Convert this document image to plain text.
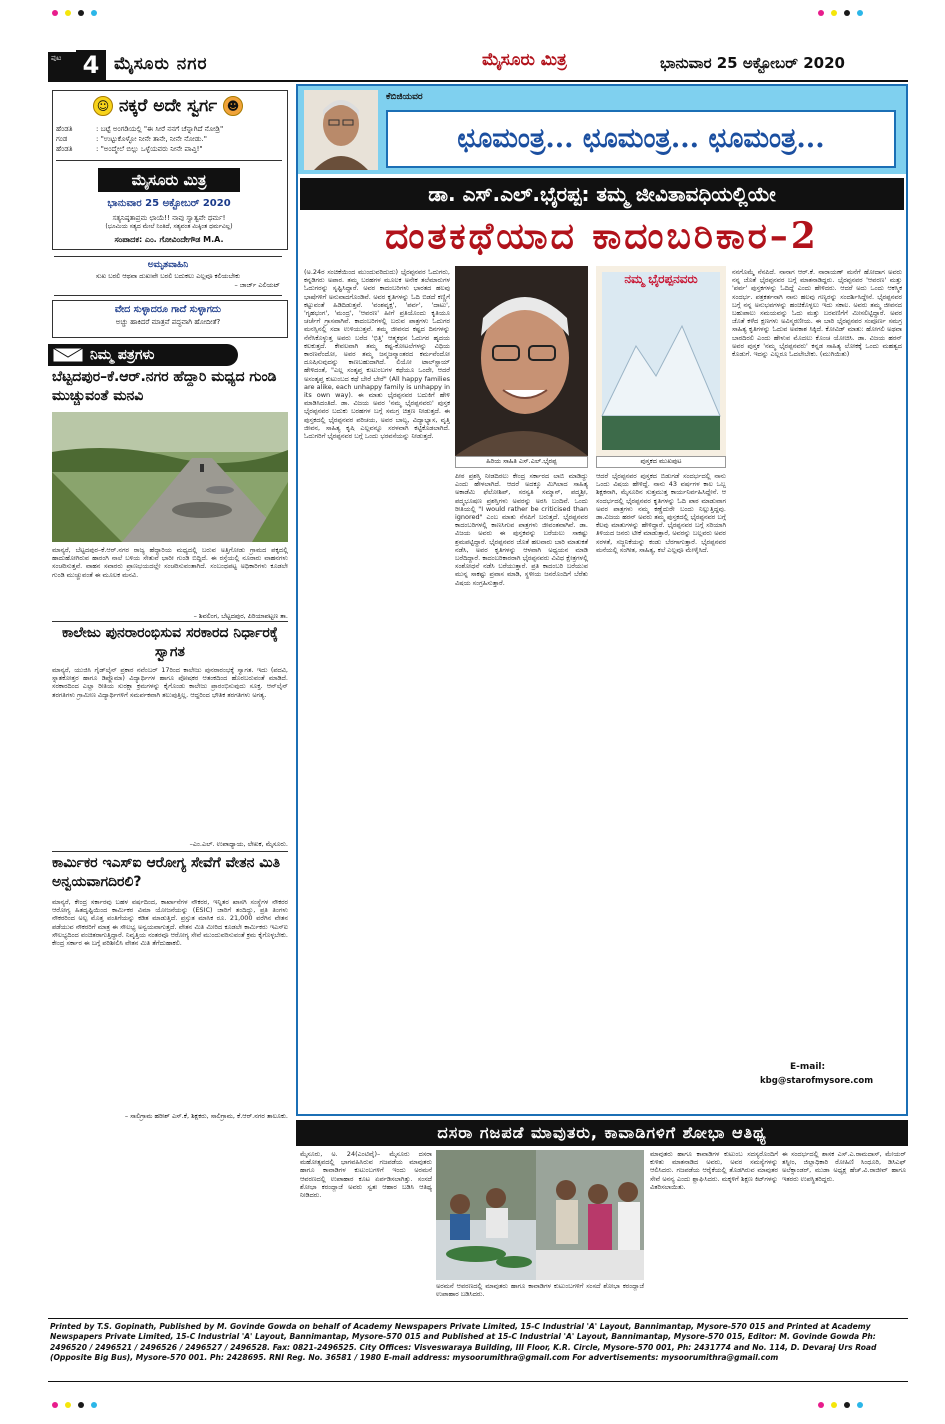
ಪುಟ 4 ಮೈಸೂರು ನಗರ	ಮೈಸೂರು ಮಿತ್ರ	ಭಾನುವಾರ 25 ಅಕ್ಟೋಬರ್ 2020
☺ ನಕ್ಕರೆ ಅದೇ ಸ್ವರ್ಗ ☻
ಹೆಂಡತಿ	: ಬಟ್ಟೆ ಅಂಗಡಿಯಲ್ಲಿ "ಈ ಸೀರೆ ನನಗೆ ಚೆನ್ನಾಗಿದೆ ನೋಡ್ರಿ"
ಗಂಡ	: "ಉಟ್ಟುಕೊಳ್ಳೋ ನೀನೇ ತಾನೇ, ನೀನೇ ನೋಡು."
ಹೆಂಡತಿ	: "ಅಂದ್ಮೇಲೆ ಬಿಲ್ಲು ಒಳ್ಳೆಯವರು ನೀನೇ ಪಾವ್ತಿ!"
ಮೈಸೂರು ಮಿತ್ರ
ಭಾನುವಾರ 25 ಅಕ್ಟೋಬರ್ 2020
ಸತ್ಯನಿಷ್ಠತಾಪ್ರಮ ಛಾಯೆ!! ನಾವು ಸ್ವಾತ್ವವೇ ಧರ್ಮ!
(ಭೂಮಿಯ ಸತ್ಯದ ಮೇಲೆ ನಿಂತಿದೆ, ಸತ್ಯವಂತ ಮಿಕ್ಕಿಂತ ಧರ್ಮವಿಲ್ಲ)
ಸಂಪಾದಕ: ಎಂ. ಗೋವಿಂದೇಗೌಡ M.A.
ಅಮೃತವಾಹಿನಿ
ಸುಖ ಬರಲಿ ಆಥವಾ ದುಖಃವೇ ಬರಲಿ ಬದುಕಲು ಎಲ್ಲವೂ ಕಲಿಯಬೇಕು
– ಜಾರ್ಜ್ ಎಲಿಯಟ್
ವೇದ ಸುಳ್ಳಾದರೂ ಗಾದೆ ಸುಳ್ಳಾಗದು
ಅಚ್ಚು ಹಾಕಿದರೆ ಮಾತ್ರವೆ ಪದ್ಧವಾಗಿ ಹೋದೀತೆ?
ನಿಮ್ಮ ಪತ್ರಗಳು
ಬೆಟ್ಟದಪುರ–ಕೆ.ಆರ್.ನಗರ ಹೆದ್ದಾರಿ ಮಧ್ಯದ ಗುಂಡಿ ಮುಚ್ಚುವಂತೆ ಮನವಿ
ಮಾನ್ಯರೆ, ಬೆಟ್ಟದಪುರ–ಕೆ.ಆರ್.ನಗರ ರಾಜ್ಯ ಹೆದ್ದಾರಿಯ ಮಧ್ಯದಲ್ಲಿ ಬರುವ ಅತ್ತಿಗೋಡು ಗ್ರಾಮದ ಪಕ್ಕದಲ್ಲಿ ಹಾದುಹೋಗಿರುವ ಹಾರಂಗಿ ನಾಲೆ ಬಳಿಯ ಸೇತುವೆ ಭಾರೀ ಗುಂಡಿ ಬಿದ್ದಿದೆ. ಈ ರಸ್ತೆಯಲ್ಲಿ ನೂರಾರು ವಾಹನಗಳು ಸಂಚರಿಸುತ್ತವೆ. ವಾಹನ ಸವಾರರು ಪ್ರಾಣಭಯದಲ್ಲೇ ಸಂಚರಿಸುವಂತಾಗಿದೆ. ಸಂಬಂಧಪಟ್ಟ ಅಧಿಕಾರಿಗಳು ಕೂಡಲೇ ಗುಂಡಿ ಮುಚ್ಚುವಂತೆ ಈ ಮೂಲಕ ಮನವಿ.
– ಶಿವಲಿಂಗ, ಬೆಟ್ಟದಪುರ, ಪಿರಿಯಾಪಟ್ಟಣ ತಾ.
ಕಾಲೇಜು ಪುನರಾರಂಭಿಸುವ ಸರಕಾರದ ನಿರ್ಧಾರಕ್ಕೆ ಸ್ವಾಗತ
ಮಾನ್ಯರೆ, ಯುಜಿಸಿ ಗೈಡ್‌ಲೈನ್ ಪ್ರಕಾರ ನವೆಂಬರ್ 17ರಿಂದ ಕಾಲೇಜು ಪುನರಾರಂಭಕ್ಕೆ ಸ್ವಾಗತ. ಇದು (ಪದವಿ, ಸ್ನಾತಕೋತ್ತರ ಹಾಗೂ ಡಿಪ್ಲೊಮಾ) ವಿದ್ಯಾರ್ಥಿಗಳ ಹಾಗೂ ಪೋಷಕರ ಆತಂಕದಿಂದ ಹೊರಬರುವಂತೆ ಮಾಡಿದೆ. ಸರಕಾರದಿಂದ ಎಲ್ಲಾ ರೀತಿಯ ಸುರಕ್ಷಾ ಕ್ರಮಗಳನ್ನು ಕೈಗೊಂಡು ಕಾಲೇಜು ಪ್ರಾರಂಭಿಸುವುದು ಸೂಕ್ತ. ಆನ್‌ಲೈನ್ ತರಗತಿಗಳು ಗ್ರಾಮೀಣ ವಿದ್ಯಾರ್ಥಿಗಳಿಗೆ ಸಮರ್ಪಕವಾಗಿ ತಲುಪುತ್ತಿಲ್ಲ. ಆದ್ದರಿಂದ ಭೌತಿಕ ತರಗತಿಗಳು ಅಗತ್ಯ.
–ಎಂ.ಎಲ್. ಉಪಾಧ್ಯಾಯ, ಲೇಖಕ, ಮೈಸೂರು.
ಕಾರ್ಮಿಕರ ಇಎಸ್ಐ ಆರೋಗ್ಯ ಸೇವೆಗೆ ವೇತನ ಮಿತಿ ಅನ್ವಯವಾಗದಿರಲಿ?
ಮಾನ್ಯರೆ, ಕೇಂದ್ರ ಸರ್ಕಾರವು ಬಹಳ ವರ್ಷದಿಂದ, ಕಾರ್ಖಾನೆಗಳ ನೌಕರರ, ಇನ್ನಿತರ ಖಾಸಗಿ ಸಂಸ್ಥೆಗಳ ನೌಕರರ ಆರೋಗ್ಯ ಹಿತದೃಷ್ಟಿಯಿಂದ ಕಾರ್ಮಿಕರ ವಿಮಾ ಯೋಜನೆಯನ್ನು (ESIC) ಜಾರಿಗೆ ತಂದಿದ್ದು, ಪ್ರತಿ ತಿಂಗಳು ನೌಕರರಿಂದ ಅಲ್ಪ ಮೊತ್ತ ವಂತಿಗೆಯನ್ನು ಕಡಿತ ಮಾಡುತ್ತಿದೆ. ಪ್ರಸ್ತುತ ಮಾಸಿಕ ರೂ. 21,000 ವರೆಗಿನ ವೇತನ ಪಡೆಯುವ ನೌಕರರಿಗೆ ಮಾತ್ರ ಈ ಸೌಲಭ್ಯ ಅನ್ವಯವಾಗುತ್ತದೆ. ವೇತನ ಮಿತಿ ಮೀರಿದ ಕೂಡಲೇ ಕಾರ್ಮಿಕರು ಇಎಸ್ಐ ಸೌಲಭ್ಯದಿಂದ ವಂಚಿತರಾಗುತ್ತಿದ್ದಾರೆ. ನಿವೃತ್ತಿಯ ನಂತರವೂ ಆರೋಗ್ಯ ಸೇವೆ ಮುಂದುವರಿಸುವಂತೆ ಕ್ರಮ ಕೈಗೊಳ್ಳಬೇಕು. ಕೇಂದ್ರ ಸರ್ಕಾರ ಈ ಬಗ್ಗೆ ಪರಿಶೀಲಿಸಿ ವೇತನ ಮಿತಿ ತೆಗೆದುಹಾಕಲಿ.
– ಸಾಲಿಗ್ರಾಮ ಹರೀಶ್ ಎಸ್.ಕೆ, ಶಿಕ್ಷಕರು, ಸಾಲಿಗ್ರಾಮ, ಕೆ.ಆರ್.ನಗರ ತಾಲೂಕು.
ಕೆಬಿಜಿಯವರ
ಛೂಮಂತ್ರ... ಛೂಮಂತ್ರ... ಛೂಮಂತ್ರ...
ಡಾ. ಎಸ್.ಎಲ್.ಭೈರಪ್ಪ: ತಮ್ಮ ಜೀವಿತಾವಧಿಯಲ್ಲಿಯೇ
ದಂತಕಥೆಯಾದ ಕಾದಂಬರಿಕಾರ–2
ಹಿರಿಯ ಸಾಹಿತಿ ಎಸ್.ಎಲ್.ಭೈರಪ್ಪ
ನಮ್ಮ ಭೈರಪ್ಪನವರು
ಪುಸ್ತಕದ ಮುಖಪುಟ
(ಅ.24ರ ಸಂಚಿಕೆಯಿಂದ ಮುಂದುವರಿದುದು) ಭೈರಪ್ಪನವರ ಓದುಗರು, ಕನ್ನಡಿಗರು ಅಪಾರ. ತಮ್ಮ ಬರಹಗಳ ಮೂಲಕ ಅನೇಕ ತಲೆಮಾರುಗಳ ಓದುಗರನ್ನು ಸೃಷ್ಟಿಸಿದ್ದಾರೆ. ಅವರ ಕಾದಂಬರಿಗಳು ಭಾರತದ ಹಲವು ಭಾಷೆಗಳಿಗೆ ಅನುವಾದಗೊಂಡಿವೆ. ಅವರ ಕೃತಿಗಳನ್ನು ಓದಿ ಬಿಡದೆ ಕಣ್ಣಿಗೆ ಕಟ್ಟುವಂತೆ ಹಿಡಿದಿಡುತ್ತವೆ. 'ವಂಶವೃಕ್ಷ', 'ಪರ್ವ', 'ದಾಟು', 'ಗೃಹಭಂಗ', 'ಮಂದ್ರ', 'ಆವರಣ' ಹೀಗೆ ಪ್ರತಿಯೊಂದು ಕೃತಿಯೂ ಚರ್ಚೆಗೆ ಗ್ರಾಸವಾಗಿವೆ. ಕಾದಂಬರಿಗಳಲ್ಲಿ ಬರುವ ಪಾತ್ರಗಳು ಓದುಗರ ಮನಸ್ಸಿನಲ್ಲಿ ಸದಾ ಉಳಿಯುತ್ತವೆ. ತಮ್ಮ ಜೀವನದ ಕಷ್ಟದ ದಿನಗಳನ್ನು ನೆನೆಸಿಕೊಳ್ಳುತ್ತ ಅವರು ಬರೆದ 'ಭಿತ್ತಿ' ಆತ್ಮಕಥನ ಓದುಗರ ಹೃದಯ ಕಲಕುತ್ತದೆ. ಕೇವಲವಾಗಿ ತಮ್ಮ ಕಷ್ಟ-ಕೋಟಲೆಗಳನ್ನು ವಿಧಿಯ ಕಾರಣವೆಂದೋ, ಅವರ ತಮ್ಮ ಜನ್ಮಜನ್ಮಾಂತರದ ಕರ್ಮವೆಂದೋ ದೂಷಿಸುವುದನ್ನು ಕಾಣಬಹುದಾಗಿದೆ. ಲಿಯೋ ಟಾಲ್‌ಸ್ಟಾಯ್ ಹೇಳಿದಂತೆ, "ಎಲ್ಲ ಸಂತೃಪ್ತ ಕುಟುಂಬಗಳ ಕಥೆಯೂ ಒಂದೇ, ಆದರೆ ಅಸಂತೃಪ್ತ ಕುಟುಂಬದ ಕಥೆ ಬೇರೆ ಬೇರೆ" (All happy families are alike, each unhappy family is unhappy in its own way). ಈ ಮಾತು ಭೈರಪ್ಪನವರ ಬದುಕಿಗೆ ಹೇಳಿ ಮಾಡಿಸಿದಂತಿದೆ. ಡಾ. ವಿಜಯ ಅವರ 'ನಮ್ಮ ಭೈರಪ್ಪನವರು' ಪುಸ್ತಕ ಭೈರಪ್ಪನವರ ಬದುಕು ಬರಹಗಳ ಬಗ್ಗೆ ಸಮಗ್ರ ಚಿತ್ರಣ ನೀಡುತ್ತದೆ. ಈ ಪುಸ್ತಕದಲ್ಲಿ ಭೈರಪ್ಪನವರ ಪರಿಚಯ, ಅವರ ಬಾಲ್ಯ, ವಿದ್ಯಾಭ್ಯಾಸ, ವೃತ್ತಿ ಜೀವನ, ಸಾಹಿತ್ಯ ಕೃಷಿ ಎಲ್ಲವನ್ನೂ ಸರಳವಾಗಿ ಕಟ್ಟಿಕೊಡಲಾಗಿದೆ. ಓದುಗರಿಗೆ ಭೈರಪ್ಪನವರ ಬಗ್ಗೆ ಒಂದು ಭರವಸೆಯನ್ನು ನೀಡುತ್ತದೆ.
ಪೀಠ ಪ್ರಶಸ್ತಿ ನೀಡದಿರಲು ಕೇಂದ್ರ ಸರ್ಕಾರದ ಲಾಬಿ ಮಾಡಿದ್ದು ಎಂದು ಹೇಳಲಾಗಿದೆ. ಆದರೆ ಅದಕ್ಕೂ ಮಿಗಿಲಾದ ಸಾಹಿತ್ಯ ಅಕಾಡೆಮಿ ಫೆಲೋಶಿಪ್, ಸರಸ್ವತಿ ಸಮ್ಮಾನ್, ಪದ್ಮಶ್ರೀ, ಪದ್ಮಭೂಷಣ ಪ್ರಶಸ್ತಿಗಳು ಅವರನ್ನು ಅರಸಿ ಬಂದಿವೆ. ಒಂದು ರೀತಿಯಲ್ಲಿ "I would rather be criticised than ignored" ಎಂಬ ಮಾತು ನೆನಪಿಗೆ ಬರುತ್ತದೆ. ಭೈರಪ್ಪನವರ ಕಾದಂಬರಿಗಳಲ್ಲಿ ಕಾಣಸಿಗುವ ಪಾತ್ರಗಳು ಜೀವಂತವಾಗಿವೆ. ಡಾ. ವಿಜಯ ಅವರು ಈ ಪುಸ್ತಕವನ್ನು ಬರೆಯಲು ಸಾಕಷ್ಟು ಶ್ರಮಪಟ್ಟಿದ್ದಾರೆ. ಭೈರಪ್ಪನವರ ಜೊತೆ ಹಲವಾರು ಬಾರಿ ಮಾತುಕತೆ ನಡೆಸಿ, ಅವರ ಕೃತಿಗಳನ್ನು ಆಳವಾಗಿ ಅಧ್ಯಯನ ಮಾಡಿ ಬರೆದಿದ್ದಾರೆ. ಕಾದಂಬರಿಕಾರರಾಗಿ ಭೈರಪ್ಪನವರು ವಿವಿಧ ಕ್ಷೇತ್ರಗಳಲ್ಲಿ ಸಂಶೋಧನೆ ನಡೆಸಿ ಬರೆಯುತ್ತಾರೆ. ಪ್ರತಿ ಕಾದಂಬರಿ ಬರೆಯುವ ಮುನ್ನ ಸಾಕಷ್ಟು ಪ್ರವಾಸ ಮಾಡಿ, ಸ್ಥಳೀಯ ಜನರೊಂದಿಗೆ ಬೆರೆತು ವಿಷಯ ಸಂಗ್ರಹಿಸುತ್ತಾರೆ.
ಆದರೆ ಭೈರಪ್ಪನವರ ಪುಸ್ತಕದ ಬಿಡುಗಡೆ ಸಂದರ್ಭದಲ್ಲಿ ನಾನು ಒಂದು ವಿಷಯ ಹೇಳಿದ್ದೆ. ನಾನು 43 ವರ್ಷಗಳ ಕಾಲ ಒಬ್ಬ ಶಿಕ್ಷಕನಾಗಿ, ಮೈಸೂರಿನ ಸುತ್ತಮುತ್ತ ಕಾರ್ಯನಿರ್ವಹಿಸಿದ್ದೇನೆ. ಆ ಸಂದರ್ಭದಲ್ಲಿ ಭೈರಪ್ಪನವರ ಕೃತಿಗಳನ್ನು ಓದಿ ಪಾಠ ಮಾಡುವಾಗ ಅವರ ಪಾತ್ರಗಳು ನಮ್ಮ ಕಣ್ಣೆದುರೇ ಬಂದು ನಿಲ್ಲುತ್ತಿದ್ದವು. ಡಾ.ವಿಜಯ ಹರನ್ ಅವರು ತಮ್ಮ ಪುಸ್ತಕದಲ್ಲಿ ಭೈರಪ್ಪನವರ ಬಗ್ಗೆ ಕೆಲವು ಮಾತುಗಳನ್ನು ಹೇಳಿದ್ದಾರೆ. ಭೈರಪ್ಪನವರ ಬಗ್ಗೆ ಸರಿಯಾಗಿ ತಿಳಿಯದ ಜನರು ಟೀಕೆ ಮಾಡುತ್ತಾರೆ, ಅವರನ್ನು ಬಲ್ಲವರು ಅವರ ಸರಳತೆ, ಸಜ್ಜನಿಕೆಯನ್ನು ಕಂಡು ಬೆರಗಾಗುತ್ತಾರೆ. ಭೈರಪ್ಪನವರ ಮನೆಯಲ್ಲಿ ಸಂಗೀತ, ಸಾಹಿತ್ಯ, ಕಲೆ ಎಲ್ಲವೂ ಮೇಳೈಸಿದೆ.
ನನಗೊಮ್ಮೆ ನೆನಪಿದೆ. ನಾನಾಗ ಆರ್.ಕೆ. ನಾರಾಯಣ್ ಮನೆಗೆ ಹೋದಾಗ ಅವರು ನನ್ನ ಜೊತೆ ಭೈರಪ್ಪನವರ ಬಗ್ಗೆ ಮಾತನಾಡಿದ್ದರು. ಭೈರಪ್ಪನವರ 'ಆವರಣ' ಮತ್ತು 'ಪರ್ವ' ಪುಸ್ತಕಗಳನ್ನು ಓದಿದ್ದೆ ಎಂದು ಹೇಳಿದರು. ಆದರೆ ಅದು ಒಂದು ಆಕಸ್ಮಿಕ ಸಂದರ್ಭ. ಪತ್ರಕರ್ತನಾಗಿ ನಾನು ಹಲವು ಗಣ್ಯರನ್ನು ಸಂದರ್ಶಿಸಿದ್ದೇನೆ. ಭೈರಪ್ಪನವರ ಬಗ್ಗೆ ನನ್ನ ಅನುಭವಗಳನ್ನು ಹಂಚಿಕೊಳ್ಳಲು ಇದು ಸಕಾಲ. ಅವರು ತಮ್ಮ ಜೀವನದ ಬಹುಪಾಲು ಸಮಯವನ್ನು ಓದು ಮತ್ತು ಬರವಣಿಗೆಗೆ ಮೀಸಲಿಟ್ಟಿದ್ದಾರೆ. ಅವರ ಜೊತೆ ಕಳೆದ ಕ್ಷಣಗಳು ಅವಿಸ್ಮರಣೀಯ. ಈ ಬಾರಿ ಭೈರಪ್ಪನವರ ಸಂಪೂರ್ಣ ಸಮಗ್ರ ಸಾಹಿತ್ಯ ಕೃತಿಗಳನ್ನು ಓದುವ ಅವಕಾಶ ಸಿಕ್ಕಿದೆ. ಕೋವಿಡ್ ಮಾತು: ಹೋಗಲಿ ಅಥವಾ ಬಾರದಿರಲಿ ಎಂದು ಹೇಳುವ ಮೊದಲು ಕೊಂಚ ಯೋಚಿಸಿ. ಡಾ. ವಿಜಯ ಹರನ್ ಅವರ ಪುಸ್ತಕ 'ನಮ್ಮ ಭೈರಪ್ಪನವರು' ಕನ್ನಡ ಸಾಹಿತ್ಯ ಲೋಕಕ್ಕೆ ಒಂದು ಮಹತ್ವದ ಕೊಡುಗೆ. ಇದನ್ನು ಎಲ್ಲರೂ ಓದಲೇಬೇಕು. (ಮುಗಿಯಿತು)
E-mail:
kbg@starofmysore.com
ದಸರಾ ಗಜಪಡೆ ಮಾವುತರು, ಕಾವಾಡಿಗಳಿಗೆ ಶೋಭಾ ಆತಿಥ್ಯ
ಮೈಸೂರು, ಅ. 24(ಎಂಟಿವೈ)– ಮೈಸೂರು ದಸರಾ ಮಹೋತ್ಸವದಲ್ಲಿ ಭಾಗವಹಿಸಿರುವ ಗಜಪಡೆಯ ಮಾವುತರು ಹಾಗೂ ಕಾವಾಡಿಗಳ ಕುಟುಂಬಗಳಿಗೆ ಇಂದು ಅರಮನೆ ಆವರಣದಲ್ಲಿ ಉಪಾಹಾರ ಕೂಟ ಏರ್ಪಡಿಸಲಾಗಿತ್ತು. ಸಂಸದೆ ಶೋಭಾ ಕರಂದ್ಲಾಜೆ ಅವರು ಸ್ವತಃ ಆಹಾರ ಬಡಿಸಿ ಆತಿಥ್ಯ ನೀಡಿದರು.
ಅರಮನೆ ಆವರಣದಲ್ಲಿ ಮಾವುತರು ಹಾಗೂ ಕಾವಾಡಿಗಳ ಕುಟುಂಬಗಳಿಗೆ ಸಂಸದೆ ಶೋಭಾ ಕರಂದ್ಲಾಜೆ ಉಪಾಹಾರ ಬಡಿಸಿದರು.
ಮಾವುತರು ಹಾಗೂ ಕಾವಾಡಿಗಳ ಕುಟುಂಬ ಸದಸ್ಯರೊಂದಿಗೆ ಕುಳಿತು ಮಾತನಾಡಿದ ಅವರು, ಅವರ ಸಮಸ್ಯೆಗಳನ್ನು ಆಲಿಸಿದರು. ಗಜಪಡೆಯ ಆರೈಕೆಯಲ್ಲಿ ತೊಡಗಿರುವ ಮಾವುತರ ಸೇವೆ ಅನನ್ಯ ಎಂದು ಶ್ಲಾಘಿಸಿದರು. ಮಕ್ಕಳಿಗೆ ಶಿಕ್ಷಣ ಕಿಟ್‌ಗಳನ್ನು ವಿತರಿಸಲಾಯಿತು.
ಈ ಸಂದರ್ಭದಲ್ಲಿ ಶಾಸಕ ಎಸ್.ಎ.ರಾಮದಾಸ್, ಮೇಯರ್ ತಸ್ನೀಂ, ಜಿಲ್ಲಾಧಿಕಾರಿ ರೋಹಿಣಿ ಸಿಂಧೂರಿ, ಡಿಸಿಎಫ್ ಅಲೆಕ್ಸಾಂಡರ್, ಮುಡಾ ಅಧ್ಯಕ್ಷ ಹೆಚ್.ವಿ.ರಾಜೀವ್ ಹಾಗೂ ಇತರರು ಉಪಸ್ಥಿತರಿದ್ದರು.
Printed by T.S. Gopinath, Published by M. Govinde Gowda on behalf of Academy Newspapers Private Limited, 15-C Industrial 'A' Layout, Bannimantap, Mysore-570 015 and Printed at Academy Newspapers Private Limited, 15-C Industrial 'A' Layout, Bannimantap, Mysore-570 015 and Published at 15-C Industrial 'A' Layout, Bannimantap, Mysore-570 015, Editor: M. Govinde Gowda Ph: 2496520 / 2496521 / 2496526 / 2496527 / 2496528. Fax: 0821-2496525. City Offices: Visveswaraya Building, III Floor, K.R. Circle, Mysore-570 001, Ph: 2431774 and No. 114, D. Devaraj Urs Road (Opposite Big Bus), Mysore-570 001. Ph: 2428695. RNI Reg. No. 36581 / 1980 E-mail address: mysoorumithra@gmail.com For advertisements: mysoorumithra@gmail.com
